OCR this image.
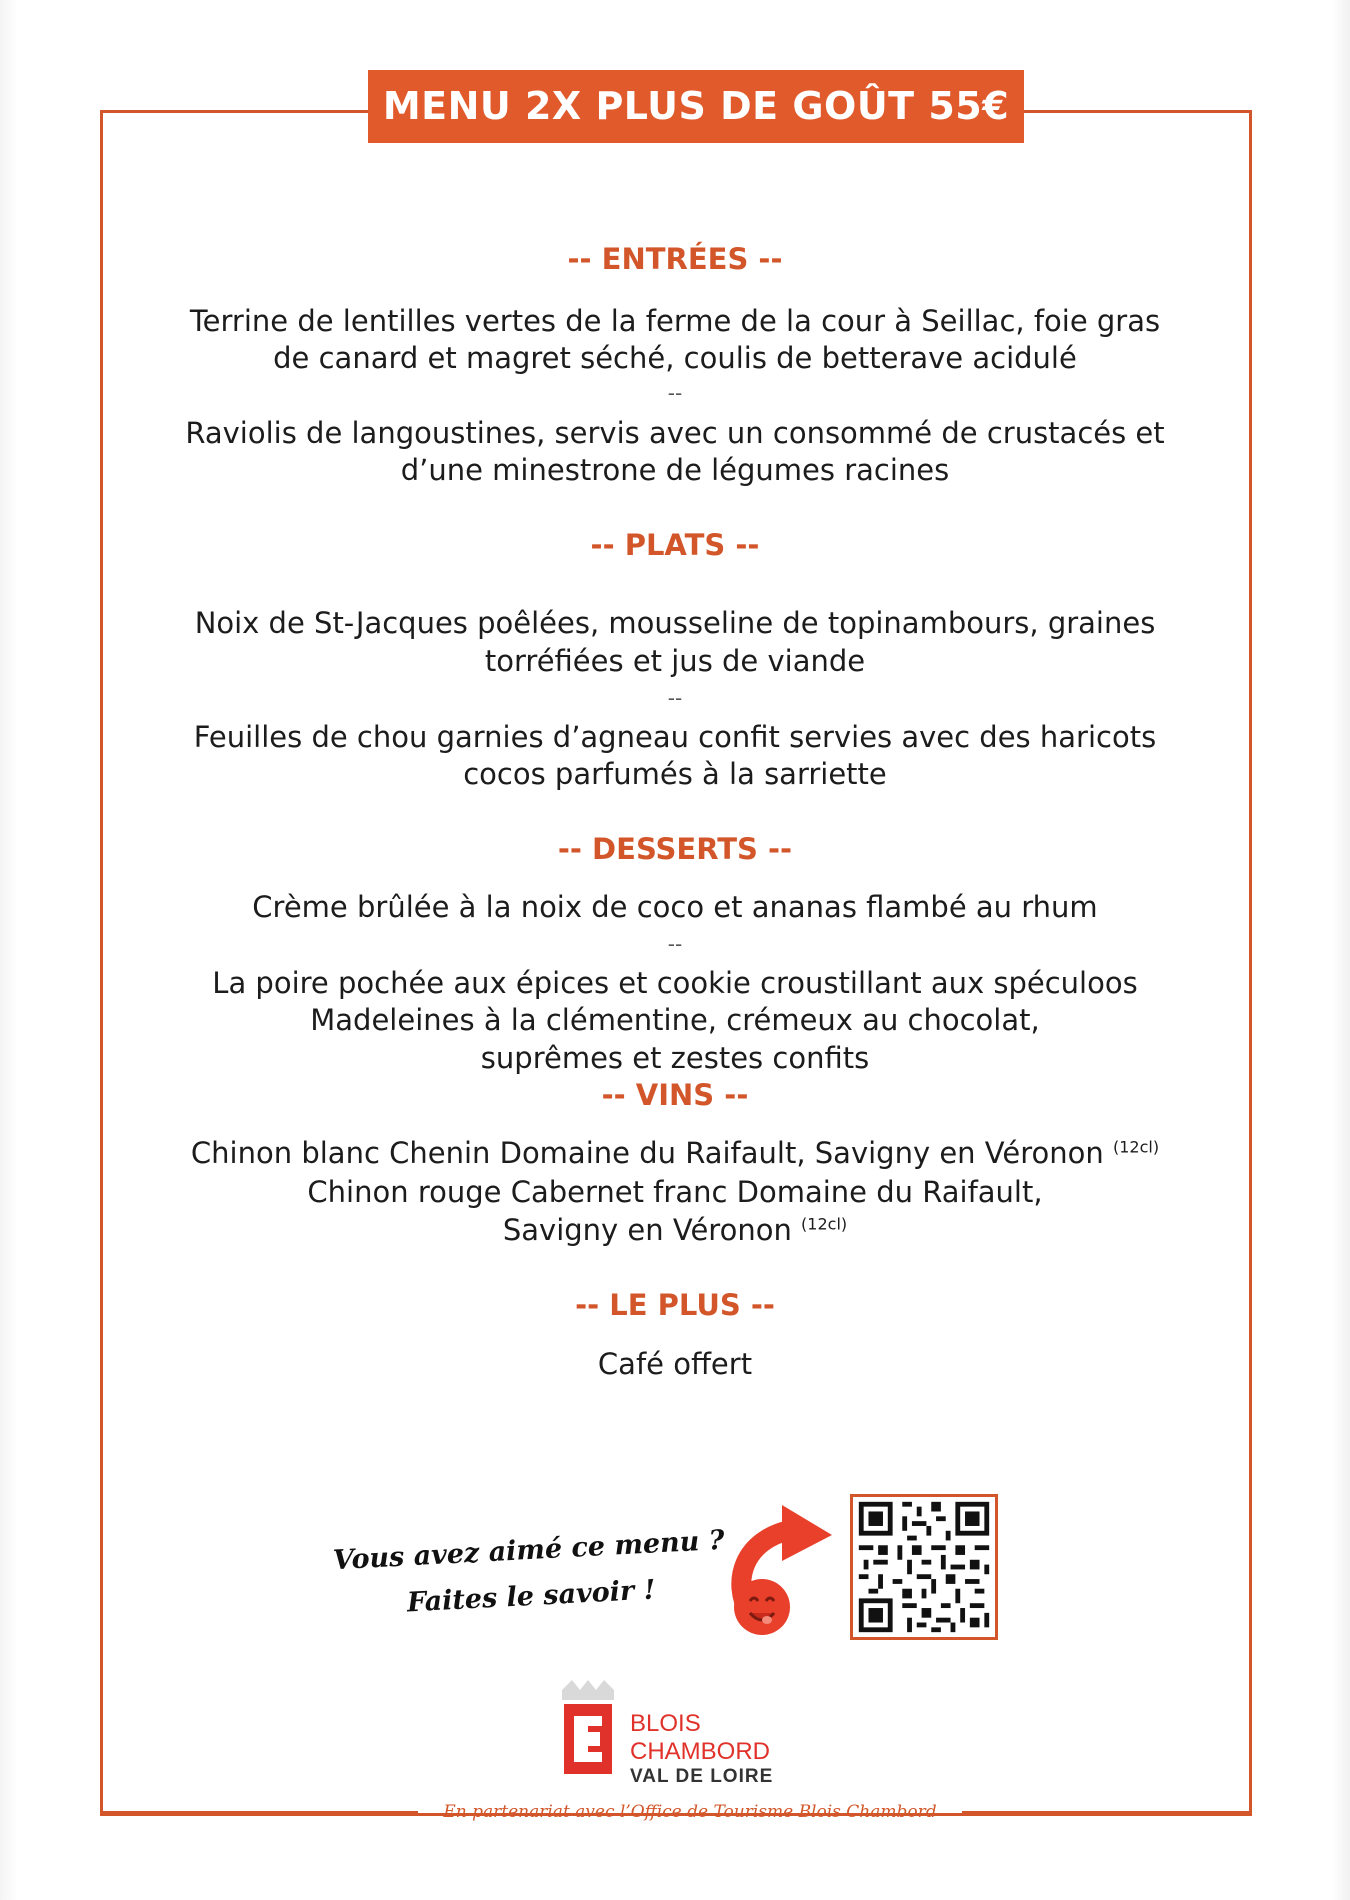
MENU 2X PLUS DE GOÛT 55€
-- ENTRÉES --
Terrine de lentilles vertes de la ferme de la cour à Seillac, foie gras
de canard et magret séché, coulis de betterave acidulé
--
Raviolis de langoustines, servis avec un consommé de crustacés et
d’une minestrone de légumes racines
-- PLATS --
Noix de St-Jacques poêlées, mousseline de topinambours, graines
torréfiées et jus de viande
--
Feuilles de chou garnies d’agneau confit servies avec des haricots
cocos parfumés à la sarriette
-- DESSERTS --
Crème brûlée à la noix de coco et ananas flambé au rhum
--
La poire pochée aux épices et cookie croustillant aux spéculoos
Madeleines à la clémentine, crémeux au chocolat,
suprêmes et zestes confits
-- VINS --
Chinon blanc Chenin Domaine du Raifault, Savigny en Véronon $^{(12cl)}$
Chinon rouge Cabernet franc Domaine du Raifault,
Savigny en Véronon $^{(12cl)}$
-- LE PLUS --
Café offert
Vous avez aimé ce menu ?
Faites le savoir !
BLOIS
CHAMBORD
VAL DE LOIRE
En partenariat avec l’Office de Tourisme Blois Chambord
